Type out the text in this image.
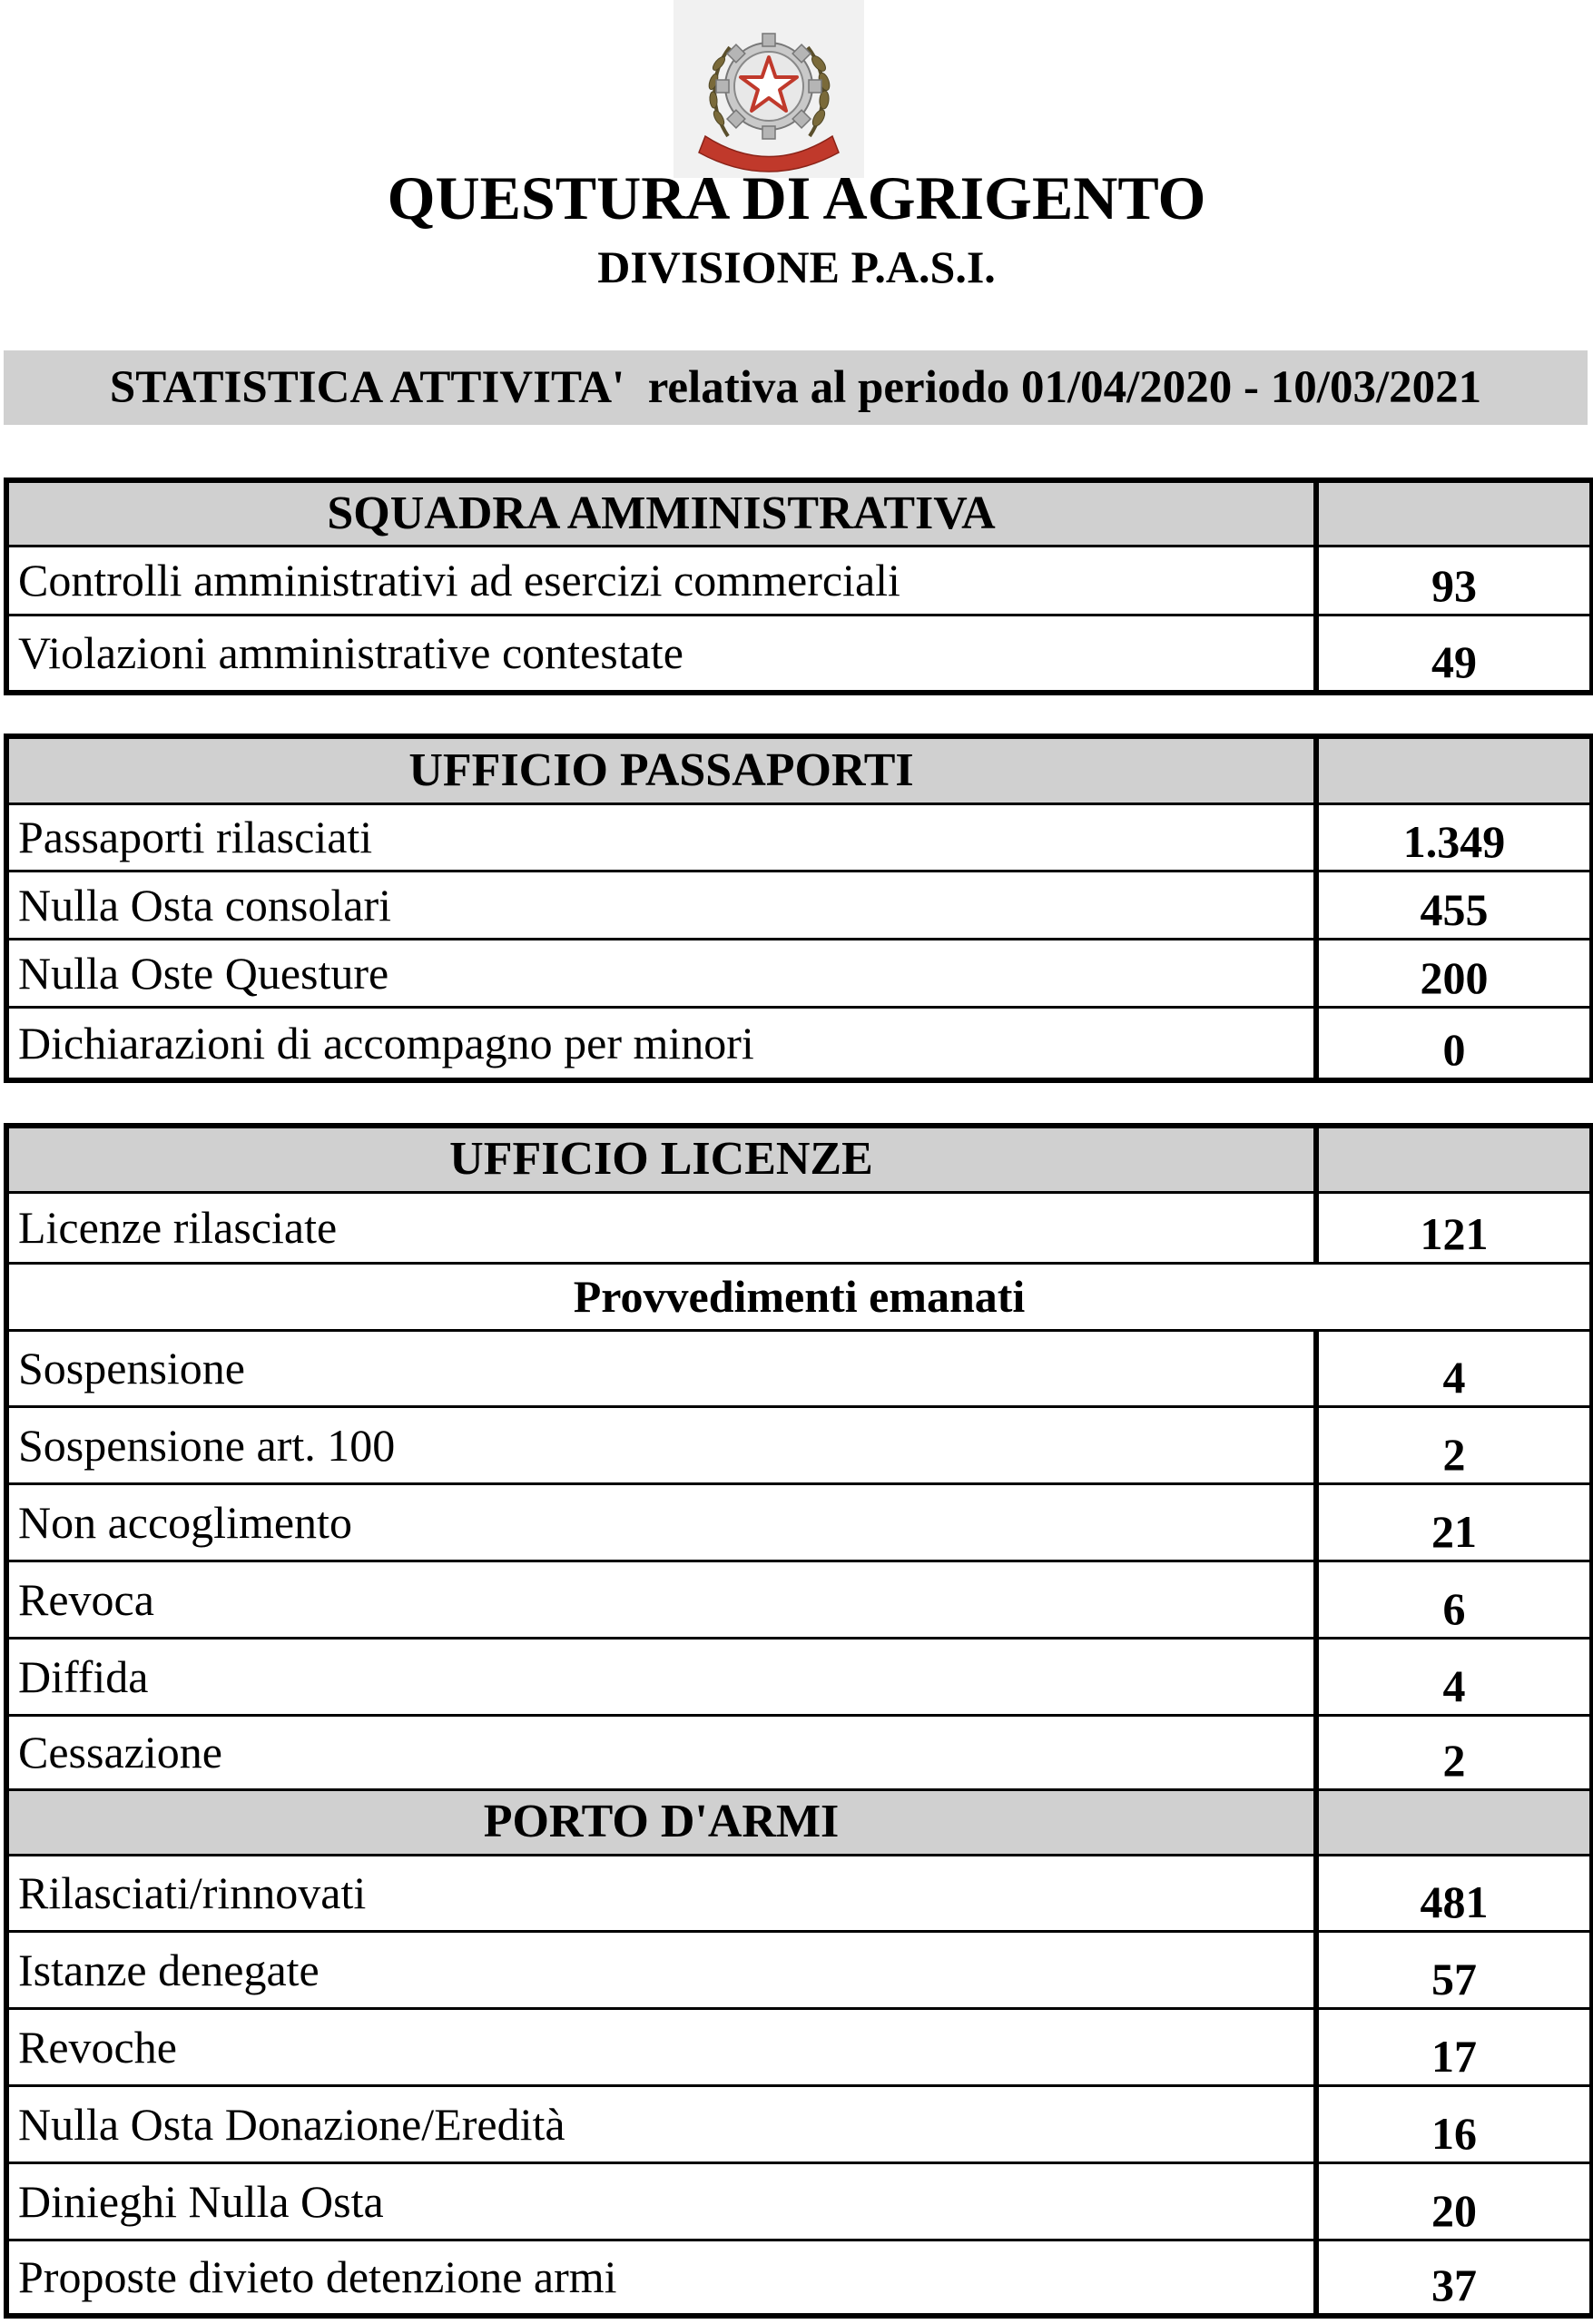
QUESTURA DI AGRIGENTO
DIVISIONE P.A.S.I.
STATISTICA ATTIVITA'  relativa al periodo 01/04/2020 - 10/03/2021
SQUADRA AMMINISTRATIVA	
Controlli amministrativi ad esercizi commerciali	93
Violazioni amministrative contestate	49
UFFICIO PASSAPORTI	
Passaporti rilasciati	1.349
Nulla Osta consolari	455
Nulla Oste Questure	200
Dichiarazioni di accompagno per minori	0
UFFICIO LICENZE	
Licenze rilasciate	121
Provvedimenti emanati	
Sospensione	4
Sospensione art. 100	2
Non accoglimento	21
Revoca	6
Diffida	4
Cessazione	2
PORTO D'ARMI	
Rilasciati/rinnovati	481
Istanze denegate	57
Revoche	17
Nulla Osta Donazione/Eredità	16
Dinieghi Nulla Osta	20
Proposte divieto detenzione armi	37
